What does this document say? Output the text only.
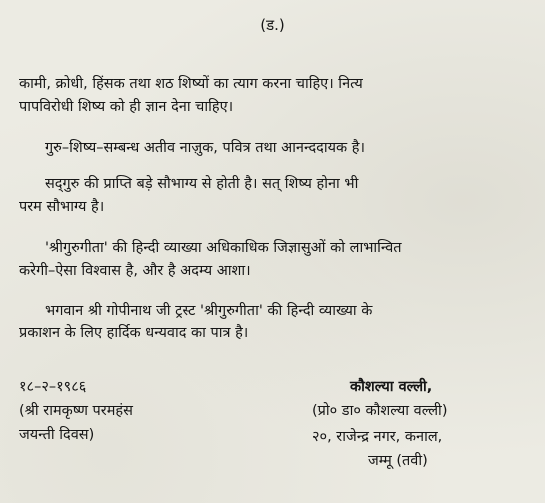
(ड.)
कामी, क्रोधी, हिंसक तथा शठ शिष्यों का त्याग करना चाहिए। नित्य
पापविरोधी शिष्य को ही ज्ञान देना चाहिए।
गुरु–शिष्य–सम्बन्ध अतीव नाज़ुक, पवित्र तथा आनन्ददायक है।
सद्‌गुरु की प्राप्ति बड़े सौभाग्य से होती है। सत् शिष्य होना भी
परम सौभाग्य है।
'श्रीगुरुगीता' की हिन्दी व्याख्या अधिकाधिक जिज्ञासुओं को लाभान्वित
करेगी–ऐसा विश्वास है, और है अदम्य आशा।
भगवान श्री गोपीनाथ जी ट्रस्ट 'श्रीगुरुगीता' की हिन्दी व्याख्या के
प्रकाशन के लिए हार्दिक धन्यवाद का पात्र है।
१८–२–१९८६
(श्री रामकृष्ण परमहंस
जयन्ती दिवस)
कौशल्या वल्ली,
(प्रो० डा० कौशल्या वल्ली)
२०, राजेन्द्र नगर, कनाल,
जम्मू (तवी)
